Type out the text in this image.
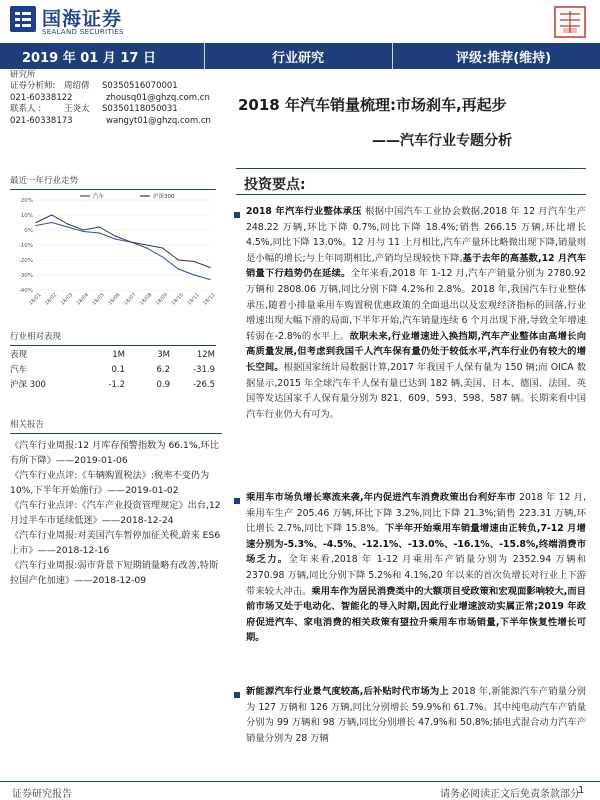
国海证券
SEALAND SECURITIES
2019 年 01 月 17 日	行业研究	评级:推荐(维持)
研究所
证券分析师: 周绍倩 S0350516070001
021-60338122	zhousq01@ghzq.com.cn
联系人 :	王炎太 S0350118050031
021-60338173	wangyt01@ghzq.com.cn
最近一年行业走势
20%
10%
0%
-10%
-20%
-30%
-40%
18/01 18/02 18/03 18/04 18/05 18/06 18/07 18/08 18/09 18/10 18/11 18/12
汽车	沪深300
行业相对表现
表现	1M	3M	12M
汽车	0.1	6.2	-31.9
沪深 300	-1.2	0.9	-26.5
相关报告
《汽车行业周报:12 月库存预警指数为 66.1%,环比有所下降》——2019-01-06
《汽车行业点评:《车辆购置税法》:税率不变仍为 10%,下半年开始施行》——2019-01-02
《汽车行业点评:《汽车产业投资管理规定》出台,12 月过半车市延续低迷》——2018-12-24
《汽车行业周报:对美国汽车暂停加征关税,蔚来 ES6 上市》——2018-12-16
《汽车行业周报:弱市背景下短期销量略有改善,特斯拉国产化加速》——2018-12-09
2018 年汽车销量梳理:市场刹车,再起步
——汽车行业专题分析
投资要点:
2018 年汽车行业整体承压 根据中国汽车工业协会数据,2018 年 12 月汽车生产 248.22 万辆,环比下降 0.7%,同比下降 18.4%;销售 266.15 万辆,环比增长 4.5%,同比下降 13.0%。12 月与 11 上月相比,汽车产量环比略微出现下降,销量则是小幅的增长;与上年同期相比,产销均呈现较快下降,基于去年的高基数,12 月汽车销量下行趋势仍在延续。全年来看,2018 年 1-12 月,汽车产销量分别为 2780.92 万辆和 2808.06 万辆,同比分别下降 4.2%和 2.8%。2018 年,我国汽车行业整体承压,随着小排量乘用车购置税优惠政策的全面退出以及宏观经济指标的回落,行业增速出现大幅下滑的局面,下半年开始,汽车销量连续 6 个月出现下滑,导致全年增速转弱在-2.8%的水平上。故职未来,行业增速进入换挡期,汽车产业整体由高增长向高质量发展,但考虑到我国千人汽车保有量仍处于较低水平,汽车行业仍有较大的增长空间。根据国家统计局数据计算,2017 年我国千人保有量为 150 辆;而 OICA 数据显示,2015 年全球汽车千人保有量已达到 182 辆,美国、日本、德国、法国、英国等发达国家千人保有量分别为 821、609、593、598、587 辆。长期来看中国汽车行业仍大有可为。
乘用车市场负增长寒流来袭,年内促进汽车消费政策出台利好车市 2018 年 12 月,乘用车生产 205.46 万辆,环比下降 3.2%,同比下降 21.3%;销售 223.31 万辆,环比增长 2.7%,同比下降 15.8%。下半年开始乘用车销量增速由正转负,7-12 月增速分别为-5.3%、-4.5%、-12.1%、-13.0%、-16.1%、-15.8%,终端消费市场乏力。全年来看,2018 年 1-12 月乘用车产销量分别为 2352.94 万辆和 2370.98 万辆,同比分别下降 5.2%和 4.1%,20 年以来的首次负增长对行业上下游带来较大冲击。乘用车作为居民消费类中的大额项目受政策和宏观面影响较大,而目前市场又处于电动化、智能化的导入时期,因此行业增速波动实属正常;2019 年政府促进汽车、家电消费的相关政策有望拉升乘用车市场销量,下半年恢复性增长可期。
新能源汽车行业景气度较高,后补贴时代市场为上 2018 年,新能源汽车产销量分别为 127 万辆和 126 万辆,同比分别增长 59.9%和 61.7%。其中纯电动汽车产销量分别为 99 万辆和 98 万辆,同比分别增长 47.9%和 50.8%;插电式混合动力汽车产销量分别为 28 万辆
证券研究报告	请务必阅读正文后免责条款部分
1
